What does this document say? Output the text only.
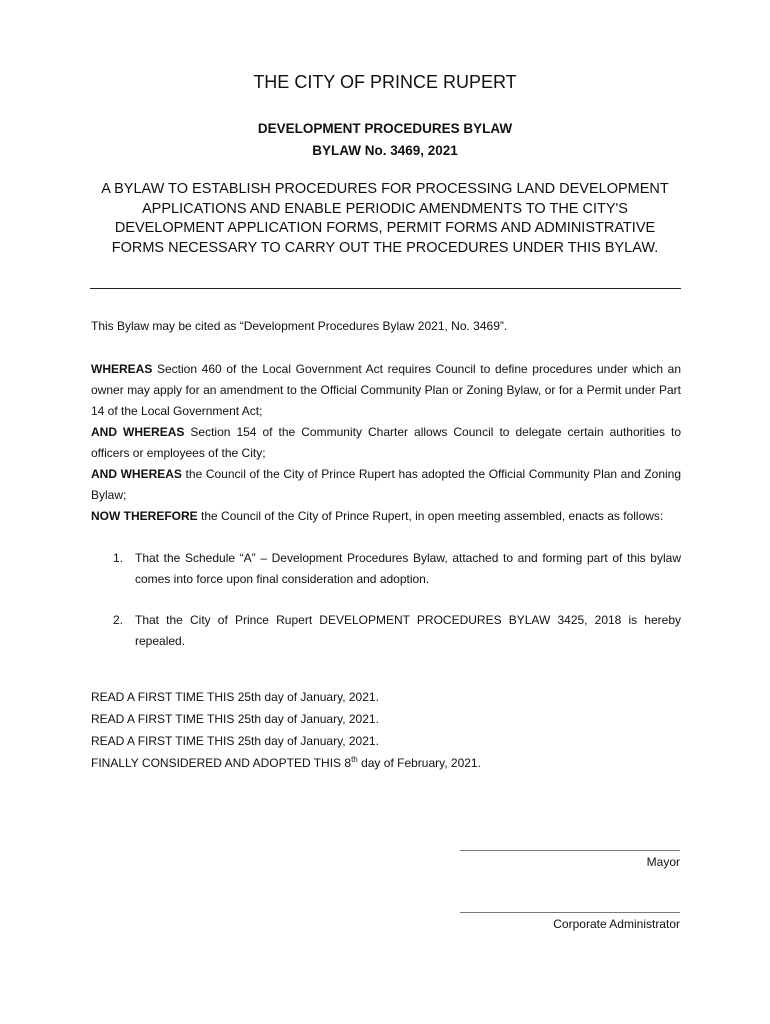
THE CITY OF PRINCE RUPERT
DEVELOPMENT PROCEDURES BYLAW
BYLAW No. 3469, 2021
A BYLAW TO ESTABLISH PROCEDURES FOR PROCESSING LAND DEVELOPMENT APPLICATIONS AND ENABLE PERIODIC AMENDMENTS TO THE CITY'S DEVELOPMENT APPLICATION FORMS, PERMIT FORMS AND ADMINISTRATIVE FORMS NECESSARY TO CARRY OUT THE PROCEDURES UNDER THIS BYLAW.
This Bylaw may be cited as “Development Procedures Bylaw 2021, No. 3469”.

WHEREAS Section 460 of the Local Government Act requires Council to define procedures under which an owner may apply for an amendment to the Official Community Plan or Zoning Bylaw, or for a Permit under Part 14 of the Local Government Act;

AND WHEREAS Section 154 of the Community Charter allows Council to delegate certain authorities to officers or employees of the City;

AND WHEREAS the Council of the City of Prince Rupert has adopted the Official Community Plan and Zoning Bylaw;

NOW THEREFORE the Council of the City of Prince Rupert, in open meeting assembled, enacts as follows:

1. That the Schedule “A” – Development Procedures Bylaw, attached to and forming part of this bylaw comes into force upon final consideration and adoption.
2. That the City of Prince Rupert DEVELOPMENT PROCEDURES BYLAW 3425, 2018 is hereby repealed.
READ A FIRST TIME THIS 25th day of January, 2021.
READ A FIRST TIME THIS 25th day of January, 2021.
READ A FIRST TIME THIS 25th day of January, 2021.
FINALLY CONSIDERED AND ADOPTED THIS 8th day of February, 2021.
Mayor
Corporate Administrator
